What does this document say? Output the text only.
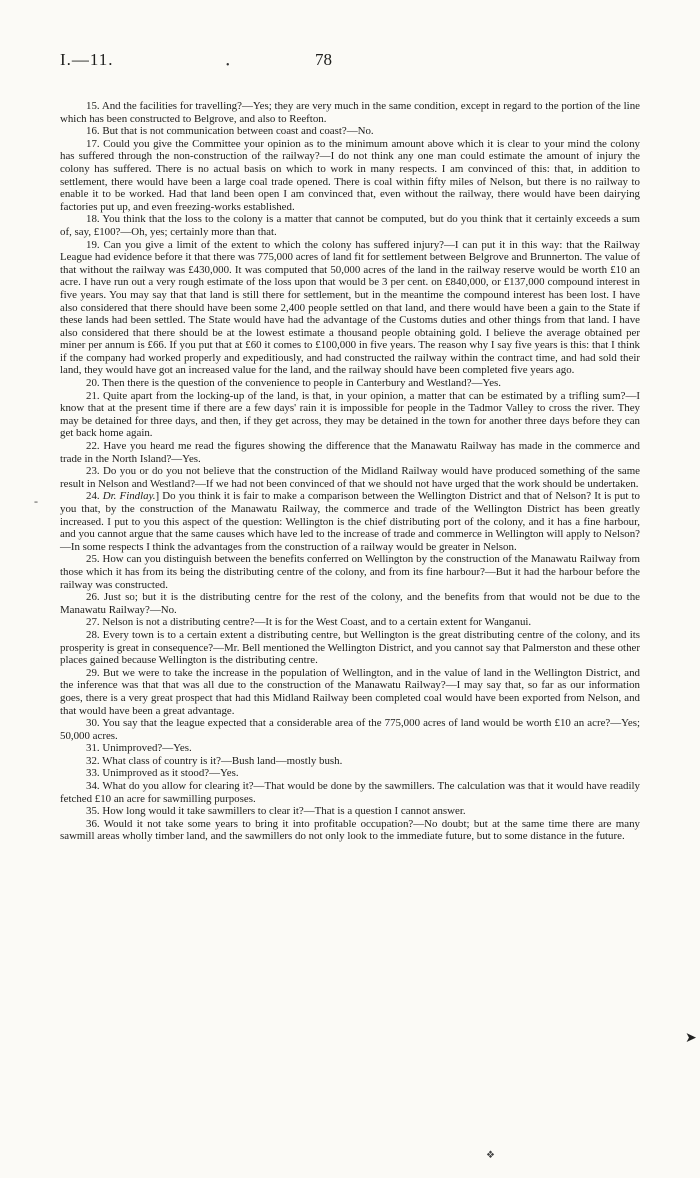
I.—11.	78
•
‑
➤
❖

15. And the facilities for travelling?—Yes; they are very much in the same condition, except in regard to the portion of the line which has been constructed to Belgrove, and also to Reefton.

16. But that is not communication between coast and coast?—No.

17. Could you give the Committee your opinion as to the minimum amount above which it is clear to your mind the colony has suffered through the non-construction of the railway?—I do not think any one man could estimate the amount of injury the colony has suffered. There is no actual basis on which to work in many respects. I am convinced of this: that, in addition to settlement, there would have been a large coal trade opened. There is coal within fifty miles of Nelson, but there is no railway to enable it to be worked. Had that land been open I am convinced that, even without the railway, there would have been dairying factories put up, and even freezing-works established.

18. You think that the loss to the colony is a matter that cannot be computed, but do you think that it certainly exceeds a sum of, say, £100?—Oh, yes; certainly more than that.

19. Can you give a limit of the extent to which the colony has suffered injury?—I can put it in this way: that the Railway League had evidence before it that there was 775,000 acres of land fit for settlement between Belgrove and Brunnerton. The value of that without the railway was £430,000. It was computed that 50,000 acres of the land in the railway reserve would be worth £10 an acre. I have run out a very rough estimate of the loss upon that would be 3 per cent. on £840,000, or £137,000 compound interest in five years. You may say that that land is still there for settlement, but in the meantime the compound interest has been lost. I have also considered that there should have been some 2,400 people settled on that land, and there would have been a gain to the State if these lands had been settled. The State would have had the advantage of the Customs duties and other things from that land. I have also considered that there should be at the lowest estimate a thousand people obtaining gold. I believe the average obtained per miner per annum is £66. If you put that at £60 it comes to £100,000 in five years. The reason why I say five years is this: that I think if the company had worked properly and expeditiously, and had constructed the railway within the contract time, and had sold their land, they would have got an increased value for the land, and the railway should have been completed five years ago.

20. Then there is the question of the convenience to people in Canterbury and Westland?—Yes.

21. Quite apart from the locking-up of the land, is that, in your opinion, a matter that can be estimated by a trifling sum?—I know that at the present time if there are a few days' rain it is impossible for people in the Tadmor Valley to cross the river. They may be detained for three days, and then, if they get across, they may be detained in the town for another three days before they can get back home again.

22. Have you heard me read the figures showing the difference that the Manawatu Railway has made in the commerce and trade in the North Island?—Yes.

23. Do you or do you not believe that the construction of the Midland Railway would have produced something of the same result in Nelson and Westland?—If we had not been convinced of that we should not have urged that the work should be undertaken.

24. Dr. Findlay.] Do you think it is fair to make a comparison between the Wellington District and that of Nelson? It is put to you that, by the construction of the Manawatu Railway, the commerce and trade of the Wellington District has been greatly increased. I put to you this aspect of the question: Wellington is the chief distributing port of the colony, and it has a fine harbour, and you cannot argue that the same causes which have led to the increase of trade and commerce in Wellington will apply to Nelson?—In some respects I think the advantages from the construction of a railway would be greater in Nelson.

25. How can you distinguish between the benefits conferred on Wellington by the construction of the Manawatu Railway from those which it has from its being the distributing centre of the colony, and from its fine harbour?—But it had the harbour before the railway was constructed.

26. Just so; but it is the distributing centre for the rest of the colony, and the benefits from that would not be due to the Manawatu Railway?—No.

27. Nelson is not a distributing centre?—It is for the West Coast, and to a certain extent for Wanganui.

28. Every town is to a certain extent a distributing centre, but Wellington is the great distributing centre of the colony, and its prosperity is great in consequence?—Mr. Bell mentioned the Wellington District, and you cannot say that Palmerston and these other places gained because Wellington is the distributing centre.

29. But we were to take the increase in the population of Wellington, and in the value of land in the Wellington District, and the inference was that that was all due to the construction of the Manawatu Railway?—I may say that, so far as our information goes, there is a very great prospect that had this Midland Railway been completed coal would have been exported from Nelson, and that would have been a great advantage.

30. You say that the league expected that a considerable area of the 775,000 acres of land would be worth £10 an acre?—Yes; 50,000 acres.

31. Unimproved?—Yes.

32. What class of country is it?—Bush land—mostly bush.

33. Unimproved as it stood?—Yes.

34. What do you allow for clearing it?—That would be done by the sawmillers. The calculation was that it would have readily fetched £10 an acre for sawmilling purposes.

35. How long would it take sawmillers to clear it?—That is a question I cannot answer.

36. Would it not take some years to bring it into profitable occupation?—No doubt; but at the same time there are many sawmill areas wholly timber land, and the sawmillers do not only look to the immediate future, but to some distance in the future.
